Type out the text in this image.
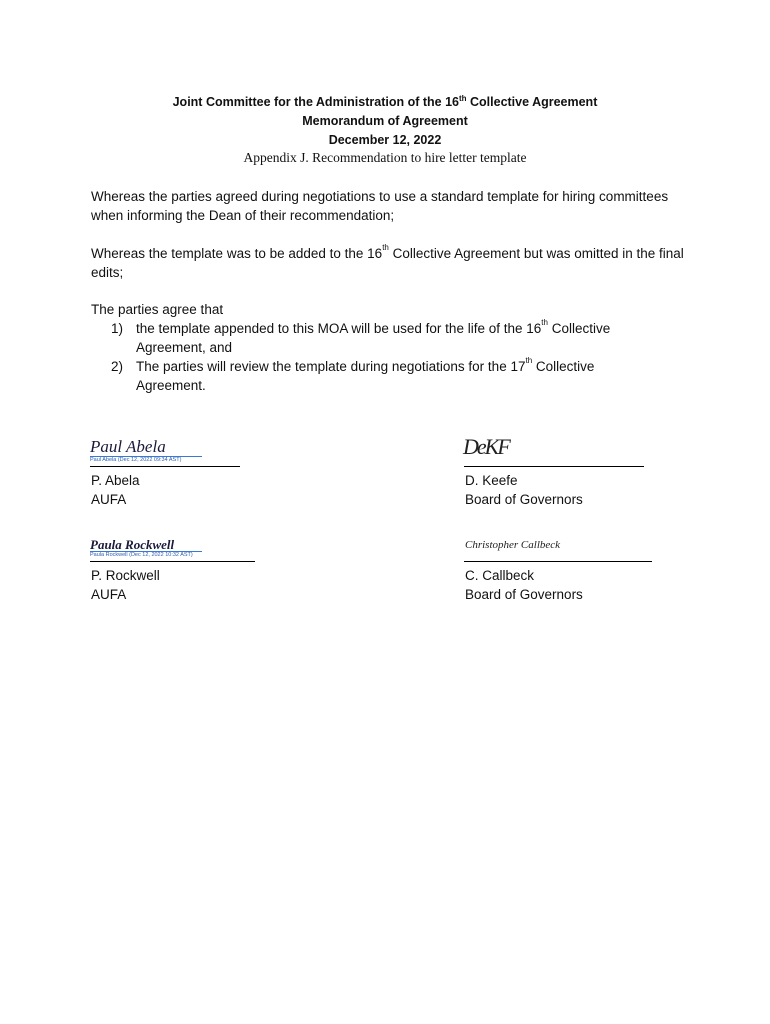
Joint Committee for the Administration of the 16th Collective Agreement
Memorandum of Agreement
December 12, 2022
Appendix J. Recommendation to hire letter template
Whereas the parties agreed during negotiations to use a standard template for hiring committees when informing the Dean of their recommendation;
Whereas the template was to be added to the 16th Collective Agreement but was omitted in the final edits;
The parties agree that
1) the template appended to this MOA will be used for the life of the 16th Collective Agreement, and
2) The parties will review the template during negotiations for the 17th Collective Agreement.
Paul Abela
Paul Abela (Dec 12, 2022 09:34 AST)
P. Abela
AUFA
DeKF
D. Keefe
Board of Governors
Paula Rockwell
Paula Rockwell (Dec 12, 2022 10:32 AST)
P. Rockwell
AUFA
Christopher Callbeck
C. Callbeck
Board of Governors
